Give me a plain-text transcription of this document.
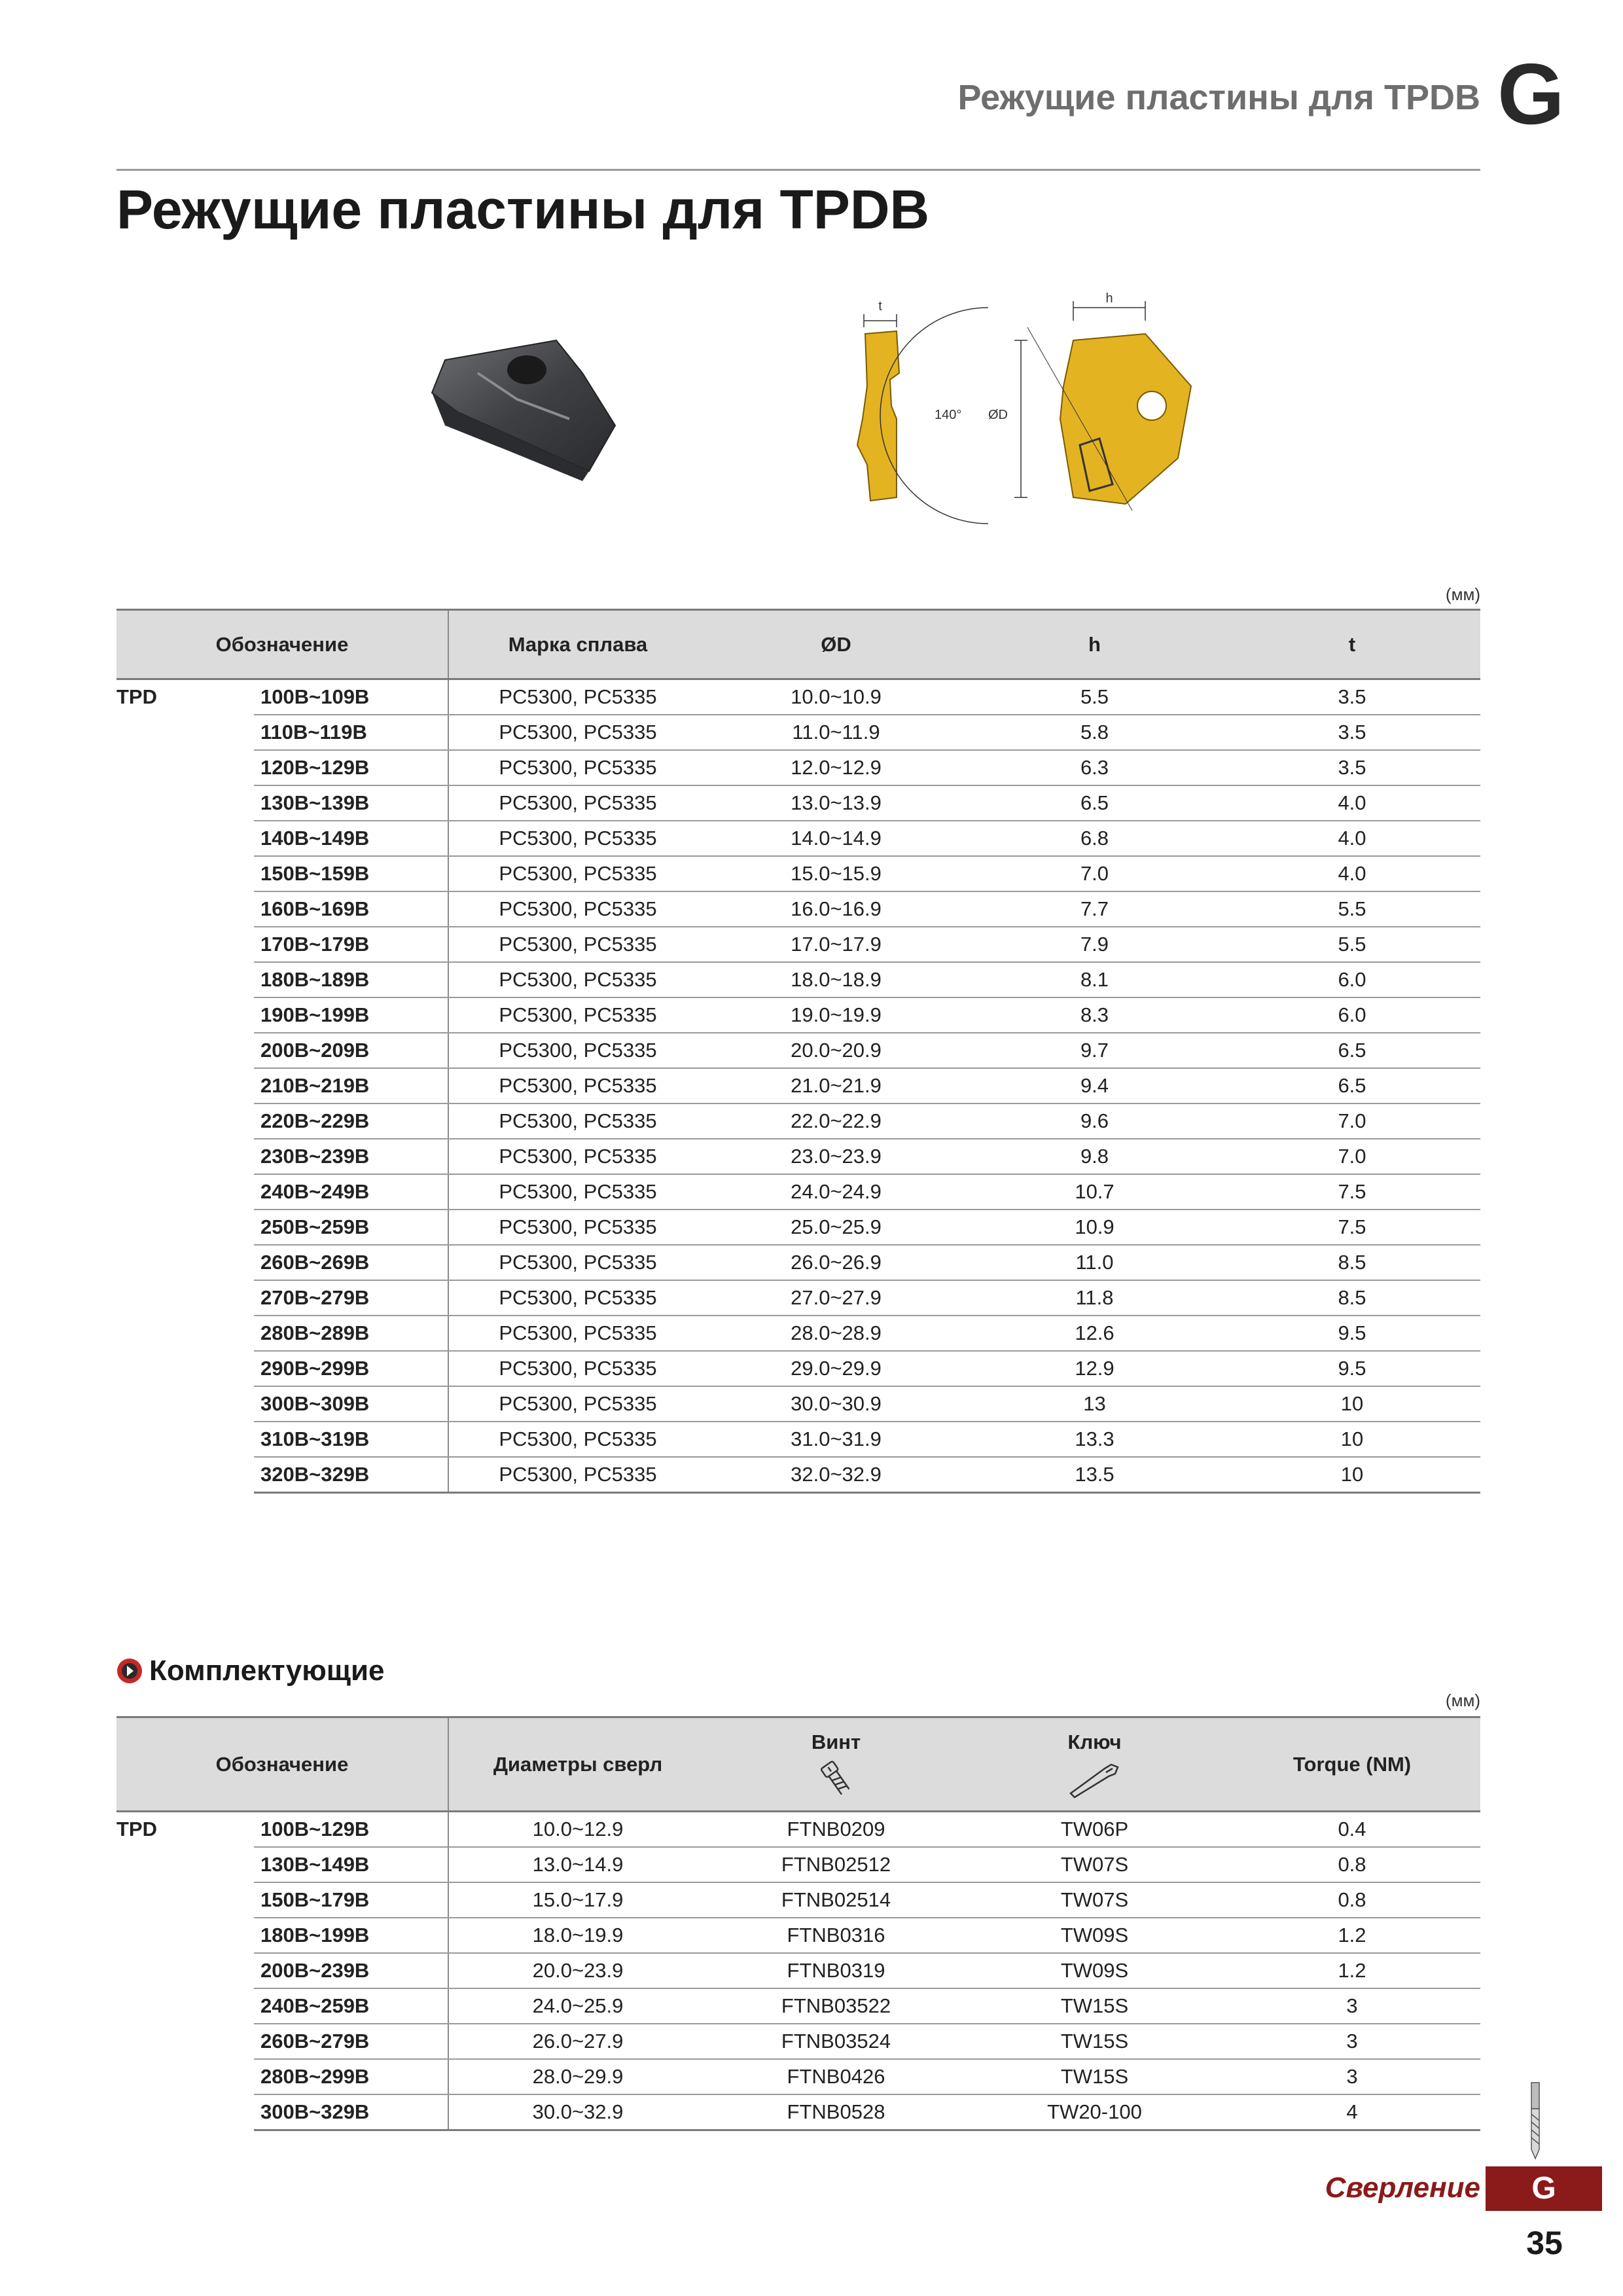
Режущие пластины для TPDB G
Режущие пластины для TPDB
t
140° ØD
h
(мм)
Обозначение		Марка сплава	ØD	h	t
TPD	100B~109B	PC5300, PC5335	10.0~10.9	5.5	3.5
	110B~119B	PC5300, PC5335	11.0~11.9	5.8	3.5
	120B~129B	PC5300, PC5335	12.0~12.9	6.3	3.5
	130B~139B	PC5300, PC5335	13.0~13.9	6.5	4.0
	140B~149B	PC5300, PC5335	14.0~14.9	6.8	4.0
	150B~159B	PC5300, PC5335	15.0~15.9	7.0	4.0
	160B~169B	PC5300, PC5335	16.0~16.9	7.7	5.5
	170B~179B	PC5300, PC5335	17.0~17.9	7.9	5.5
	180B~189B	PC5300, PC5335	18.0~18.9	8.1	6.0
	190B~199B	PC5300, PC5335	19.0~19.9	8.3	6.0
	200B~209B	PC5300, PC5335	20.0~20.9	9.7	6.5
	210B~219B	PC5300, PC5335	21.0~21.9	9.4	6.5
	220B~229B	PC5300, PC5335	22.0~22.9	9.6	7.0
	230B~239B	PC5300, PC5335	23.0~23.9	9.8	7.0
	240B~249B	PC5300, PC5335	24.0~24.9	10.7	7.5
	250B~259B	PC5300, PC5335	25.0~25.9	10.9	7.5
	260B~269B	PC5300, PC5335	26.0~26.9	11.0	8.5
	270B~279B	PC5300, PC5335	27.0~27.9	11.8	8.5
	280B~289B	PC5300, PC5335	28.0~28.9	12.6	9.5
	290B~299B	PC5300, PC5335	29.0~29.9	12.9	9.5
	300B~309B	PC5300, PC5335	30.0~30.9	13	10
	310B~319B	PC5300, PC5335	31.0~31.9	13.3	10
	320B~329B	PC5300, PC5335	32.0~32.9	13.5	10
Комплектующие
(мм)
Обозначение		Диаметры сверл	Винт	Ключ	Torque (NM)
TPD	100B~129B	10.0~12.9	FTNB0209	TW06P	0.4
	130B~149B	13.0~14.9	FTNB02512	TW07S	0.8
	150B~179B	15.0~17.9	FTNB02514	TW07S	0.8
	180B~199B	18.0~19.9	FTNB0316	TW09S	1.2
	200B~239B	20.0~23.9	FTNB0319	TW09S	1.2
	240B~259B	24.0~25.9	FTNB03522	TW15S	3
	260B~279B	26.0~27.9	FTNB03524	TW15S	3
	280B~299B	28.0~29.9	FTNB0426	TW15S	3
	300B~329B	30.0~32.9	FTNB0528	TW20-100	4
Сверление	G
35
